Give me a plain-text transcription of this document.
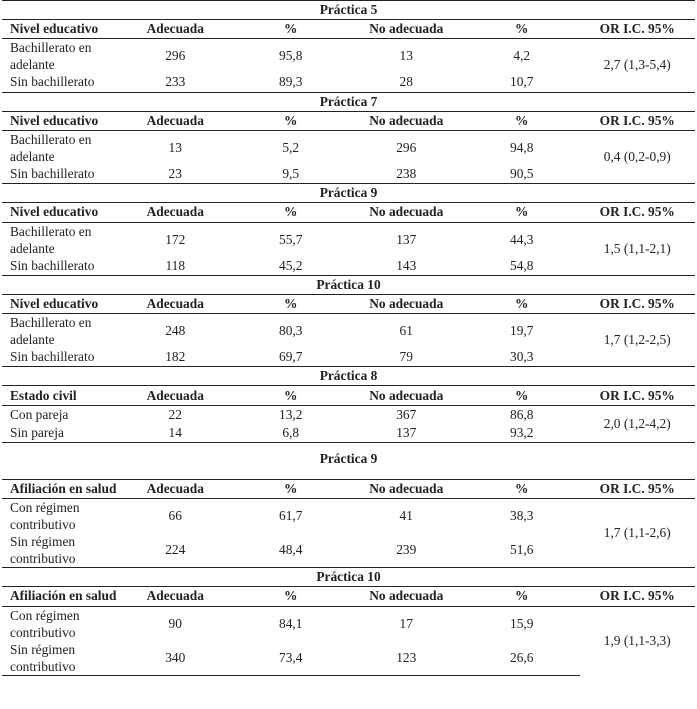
Práctica 5					
Nivel educativo	Adecuada	%	No adecuada	%	OR I.C. 95%
Bachillerato en
adelante	296	95,8	13	4,2	2,7 (1,3-5,4)
Sin bachillerato	233	89,3	28	10,7	
Práctica 7					
Nivel educativo	Adecuada	%	No adecuada	%	OR I.C. 95%
Bachillerato en
adelante	13	5,2	296	94,8	0,4 (0,2-0,9)
Sin bachillerato	23	9,5	238	90,5	
Práctica 9					
Nivel educativo	Adecuada	%	No adecuada	%	OR I.C. 95%
Bachillerato en
adelante	172	55,7	137	44,3	1,5 (1,1-2,1)
Sin bachillerato	118	45,2	143	54,8	
Práctica 10					
Nivel educativo	Adecuada	%	No adecuada	%	OR I.C. 95%
Bachillerato en
adelante	248	80,3	61	19,7	1,7 (1,2-2,5)
Sin bachillerato	182	69,7	79	30,3	
Práctica 8					
Estado civil	Adecuada	%	No adecuada	%	OR I.C. 95%
Con pareja	22	13,2	367	86,8	2,0 (1,2-4,2)
Sin pareja	14	6,8	137	93,2	
Práctica 9					
Afiliación en salud	Adecuada	%	No adecuada	%	OR I.C. 95%
Con régimen
contributivo	66	61,7	41	38,3	1,7 (1,1-2,6)
Sin régimen
contributivo	224	48,4	239	51,6	
Práctica 10					
Afiliación en salud	Adecuada	%	No adecuada	%	OR I.C. 95%
Con régimen
contributivo	90	84,1	17	15,9	1,9 (1,1-3,3)
Sin régimen
contributivo	340	73,4	123	26,6	
